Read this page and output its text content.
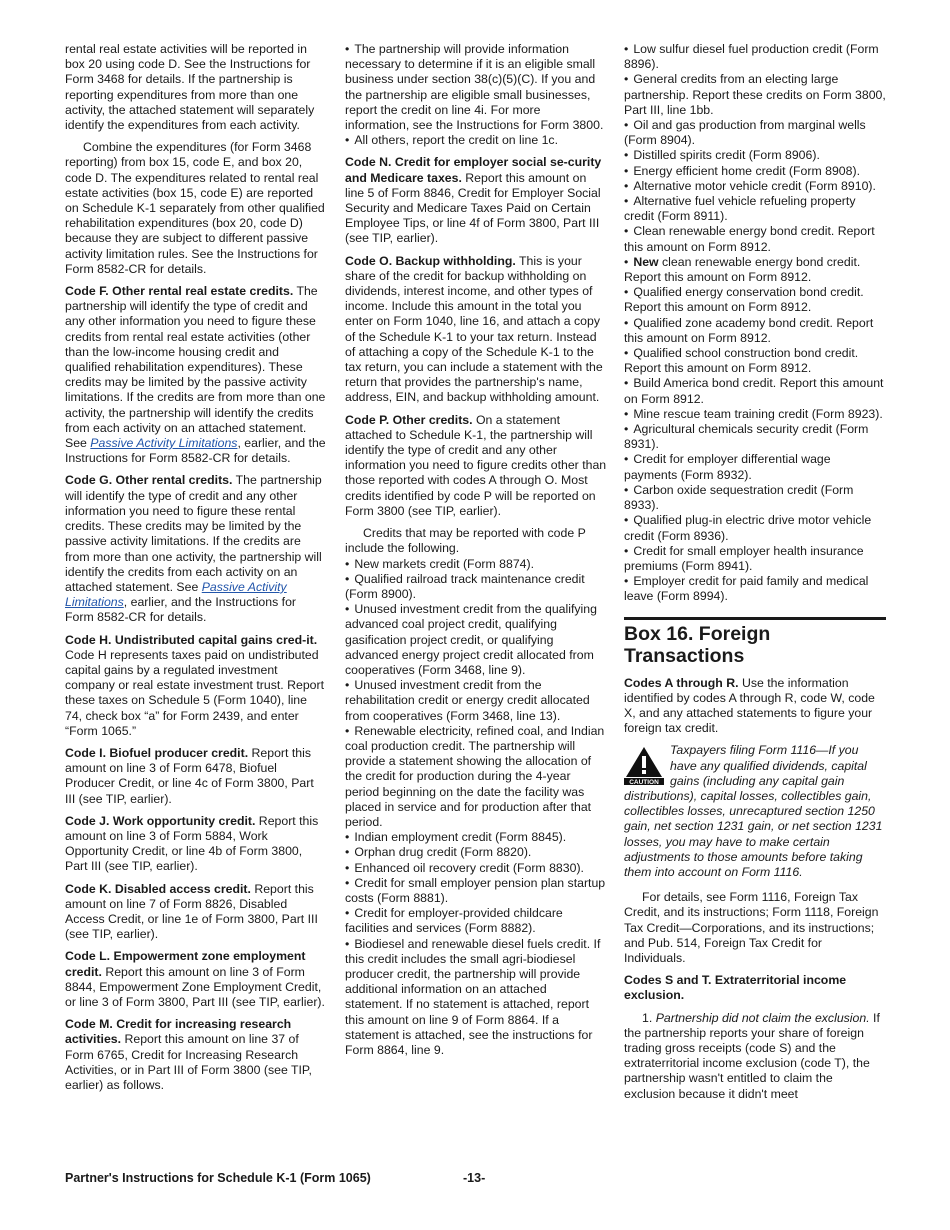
rental real estate activities will be reported in box 20 using code D. See the Instructions for Form 3468 for details. If the partnership is reporting expenditures from more than one activity, the attached statement will separately identify the expenditures from each activity.

Combine the expenditures (for Form 3468 reporting) from box 15, code E, and box 20, code D. The expenditures related to rental real estate activities (box 15, code E) are reported on Schedule K-1 separately from other qualified rehabilitation expenditures (box 20, code D) because they are subject to different passive activity limitation rules. See the Instructions for Form 8582-CR for details.

Code F. Other rental real estate credits. The partnership will identify the type of credit and any other information you need to figure these credits from rental real estate activities (other than the low-income housing credit and qualified rehabilitation expenditures). These credits may be limited by the passive activity limitations. If the credits are from more than one activity, the partnership will identify the credits from each activity on an attached statement. See Passive Activity Limitations, earlier, and the Instructions for Form 8582-CR for details.

Code G. Other rental credits. The partnership will identify the type of credit and any other information you need to figure these rental credits. These credits may be limited by the passive activity limitations. If the credits are from more than one activity, the partnership will identify the credits from each activity on an attached statement. See Passive Activity Limitations, earlier, and the Instructions for Form 8582-CR for details.

Code H. Undistributed capital gains cred-it. Code H represents taxes paid on undistributed capital gains by a regulated investment company or real estate investment trust. Report these taxes on Schedule 5 (Form 1040), line 74, check box “a” for Form 2439, and enter “Form 1065.”

Code I. Biofuel producer credit. Report this amount on line 3 of Form 6478, Biofuel Producer Credit, or line 4c of Form 3800, Part III (see TIP, earlier).

Code J. Work opportunity credit. Report this amount on line 3 of Form 5884, Work Opportunity Credit, or line 4b of Form 3800, Part III (see TIP, earlier).

Code K. Disabled access credit. Report this amount on line 7 of Form 8826, Disabled Access Credit, or line 1e of Form 3800, Part III (see TIP, earlier).

Code L. Empowerment zone employment credit. Report this amount on line 3 of Form 8844, Empowerment Zone Employment Credit, or line 3 of Form 3800, Part III (see TIP, earlier).

Code M. Credit for increasing research activities. Report this amount on line 37 of Form 6765, Credit for Increasing Research Activities, or in Part III of Form 3800 (see TIP, earlier) as follows.

• The partnership will provide information necessary to determine if it is an eligible small business under section 38(c)(5)(C). If you and the partnership are eligible small businesses, report the credit on line 4i. For more information, see the Instructions for Form 3800.

• All others, report the credit on line 1c.

Code N. Credit for employer social se-curity and Medicare taxes. Report this amount on line 5 of Form 8846, Credit for Employer Social Security and Medicare Taxes Paid on Certain Employee Tips, or line 4f of Form 3800, Part III (see TIP, earlier).

Code O. Backup withholding. This is your share of the credit for backup withholding on dividends, interest income, and other types of income. Include this amount in the total you enter on Form 1040, line 16, and attach a copy of the Schedule K-1 to your tax return. Instead of attaching a copy of the Schedule K-1 to the tax return, you can include a statement with the return that provides the partnership's name, address, EIN, and backup withholding amount.

Code P. Other credits. On a statement attached to Schedule K-1, the partnership will identify the type of credit and any other information you need to figure credits other than those reported with codes A through O. Most credits identified by code P will be reported on Form 3800 (see TIP, earlier).

Credits that may be reported with code P include the following.

• New markets credit (Form 8874).

• Qualified railroad track maintenance credit (Form 8900).

• Unused investment credit from the qualifying advanced coal project credit, qualifying gasification project credit, or qualifying advanced energy project credit allocated from cooperatives (Form 3468, line 9).

• Unused investment credit from the rehabilitation credit or energy credit allocated from cooperatives (Form 3468, line 13).

• Renewable electricity, refined coal, and Indian coal production credit. The partnership will provide a statement showing the allocation of the credit for production during the 4-year period beginning on the date the facility was placed in service and for production after that period.

• Indian employment credit (Form 8845).

• Orphan drug credit (Form 8820).

• Enhanced oil recovery credit (Form 8830).

• Credit for small employer pension plan startup costs (Form 8881).

• Credit for employer-provided childcare facilities and services (Form 8882).

• Biodiesel and renewable diesel fuels credit. If this credit includes the small agri-biodiesel producer credit, the partnership will provide additional information on an attached statement. If no statement is attached, report this amount on line 9 of Form 8864. If a statement is attached, see the instructions for Form 8864, line 9.

• Low sulfur diesel fuel production credit (Form 8896).

• General credits from an electing large partnership. Report these credits on Form 3800, Part III, line 1bb.

• Oil and gas production from marginal wells (Form 8904).

• Distilled spirits credit (Form 8906).

• Energy efficient home credit (Form 8908).

• Alternative motor vehicle credit (Form 8910).

• Alternative fuel vehicle refueling property credit (Form 8911).

• Clean renewable energy bond credit. Report this amount on Form 8912.

• New clean renewable energy bond credit. Report this amount on Form 8912.

• Qualified energy conservation bond credit. Report this amount on Form 8912.

• Qualified zone academy bond credit. Report this amount on Form 8912.

• Qualified school construction bond credit. Report this amount on Form 8912.

• Build America bond credit. Report this amount on Form 8912.

• Mine rescue team training credit (Form 8923).

• Agricultural chemicals security credit (Form 8931).

• Credit for employer differential wage payments (Form 8932).

• Carbon oxide sequestration credit (Form 8933).

• Qualified plug-in electric drive motor vehicle credit (Form 8936).

• Credit for small employer health insurance premiums (Form 8941).

• Employer credit for paid family and medical leave (Form 8994).

Box 16. Foreign Transactions

Codes A through R. Use the information identified by codes A through R, code W, code X, and any attached statements to figure your foreign tax credit.

CAUTION
Taxpayers filing Form 1116—If you have any qualified dividends, capital gains (including any capital gain distributions), capital losses, collectibles gain, collectibles losses, unrecaptured section 1250 gain, net section 1231 gain, or net section 1231 losses, you may have to make certain adjustments to those amounts before taking them into account on Form 1116.

For details, see Form 1116, Foreign Tax Credit, and its instructions; Form 1118, Foreign Tax Credit—Corporations, and its instructions; and Pub. 514, Foreign Tax Credit for Individuals.

Codes S and T. Extraterritorial income exclusion.

1. Partnership did not claim the exclusion. If the partnership reports your share of foreign trading gross receipts (code S) and the extraterritorial income exclusion (code T), the partnership wasn't entitled to claim the exclusion because it didn't meet

Partner's Instructions for Schedule K-1 (Form 1065)	-13-
